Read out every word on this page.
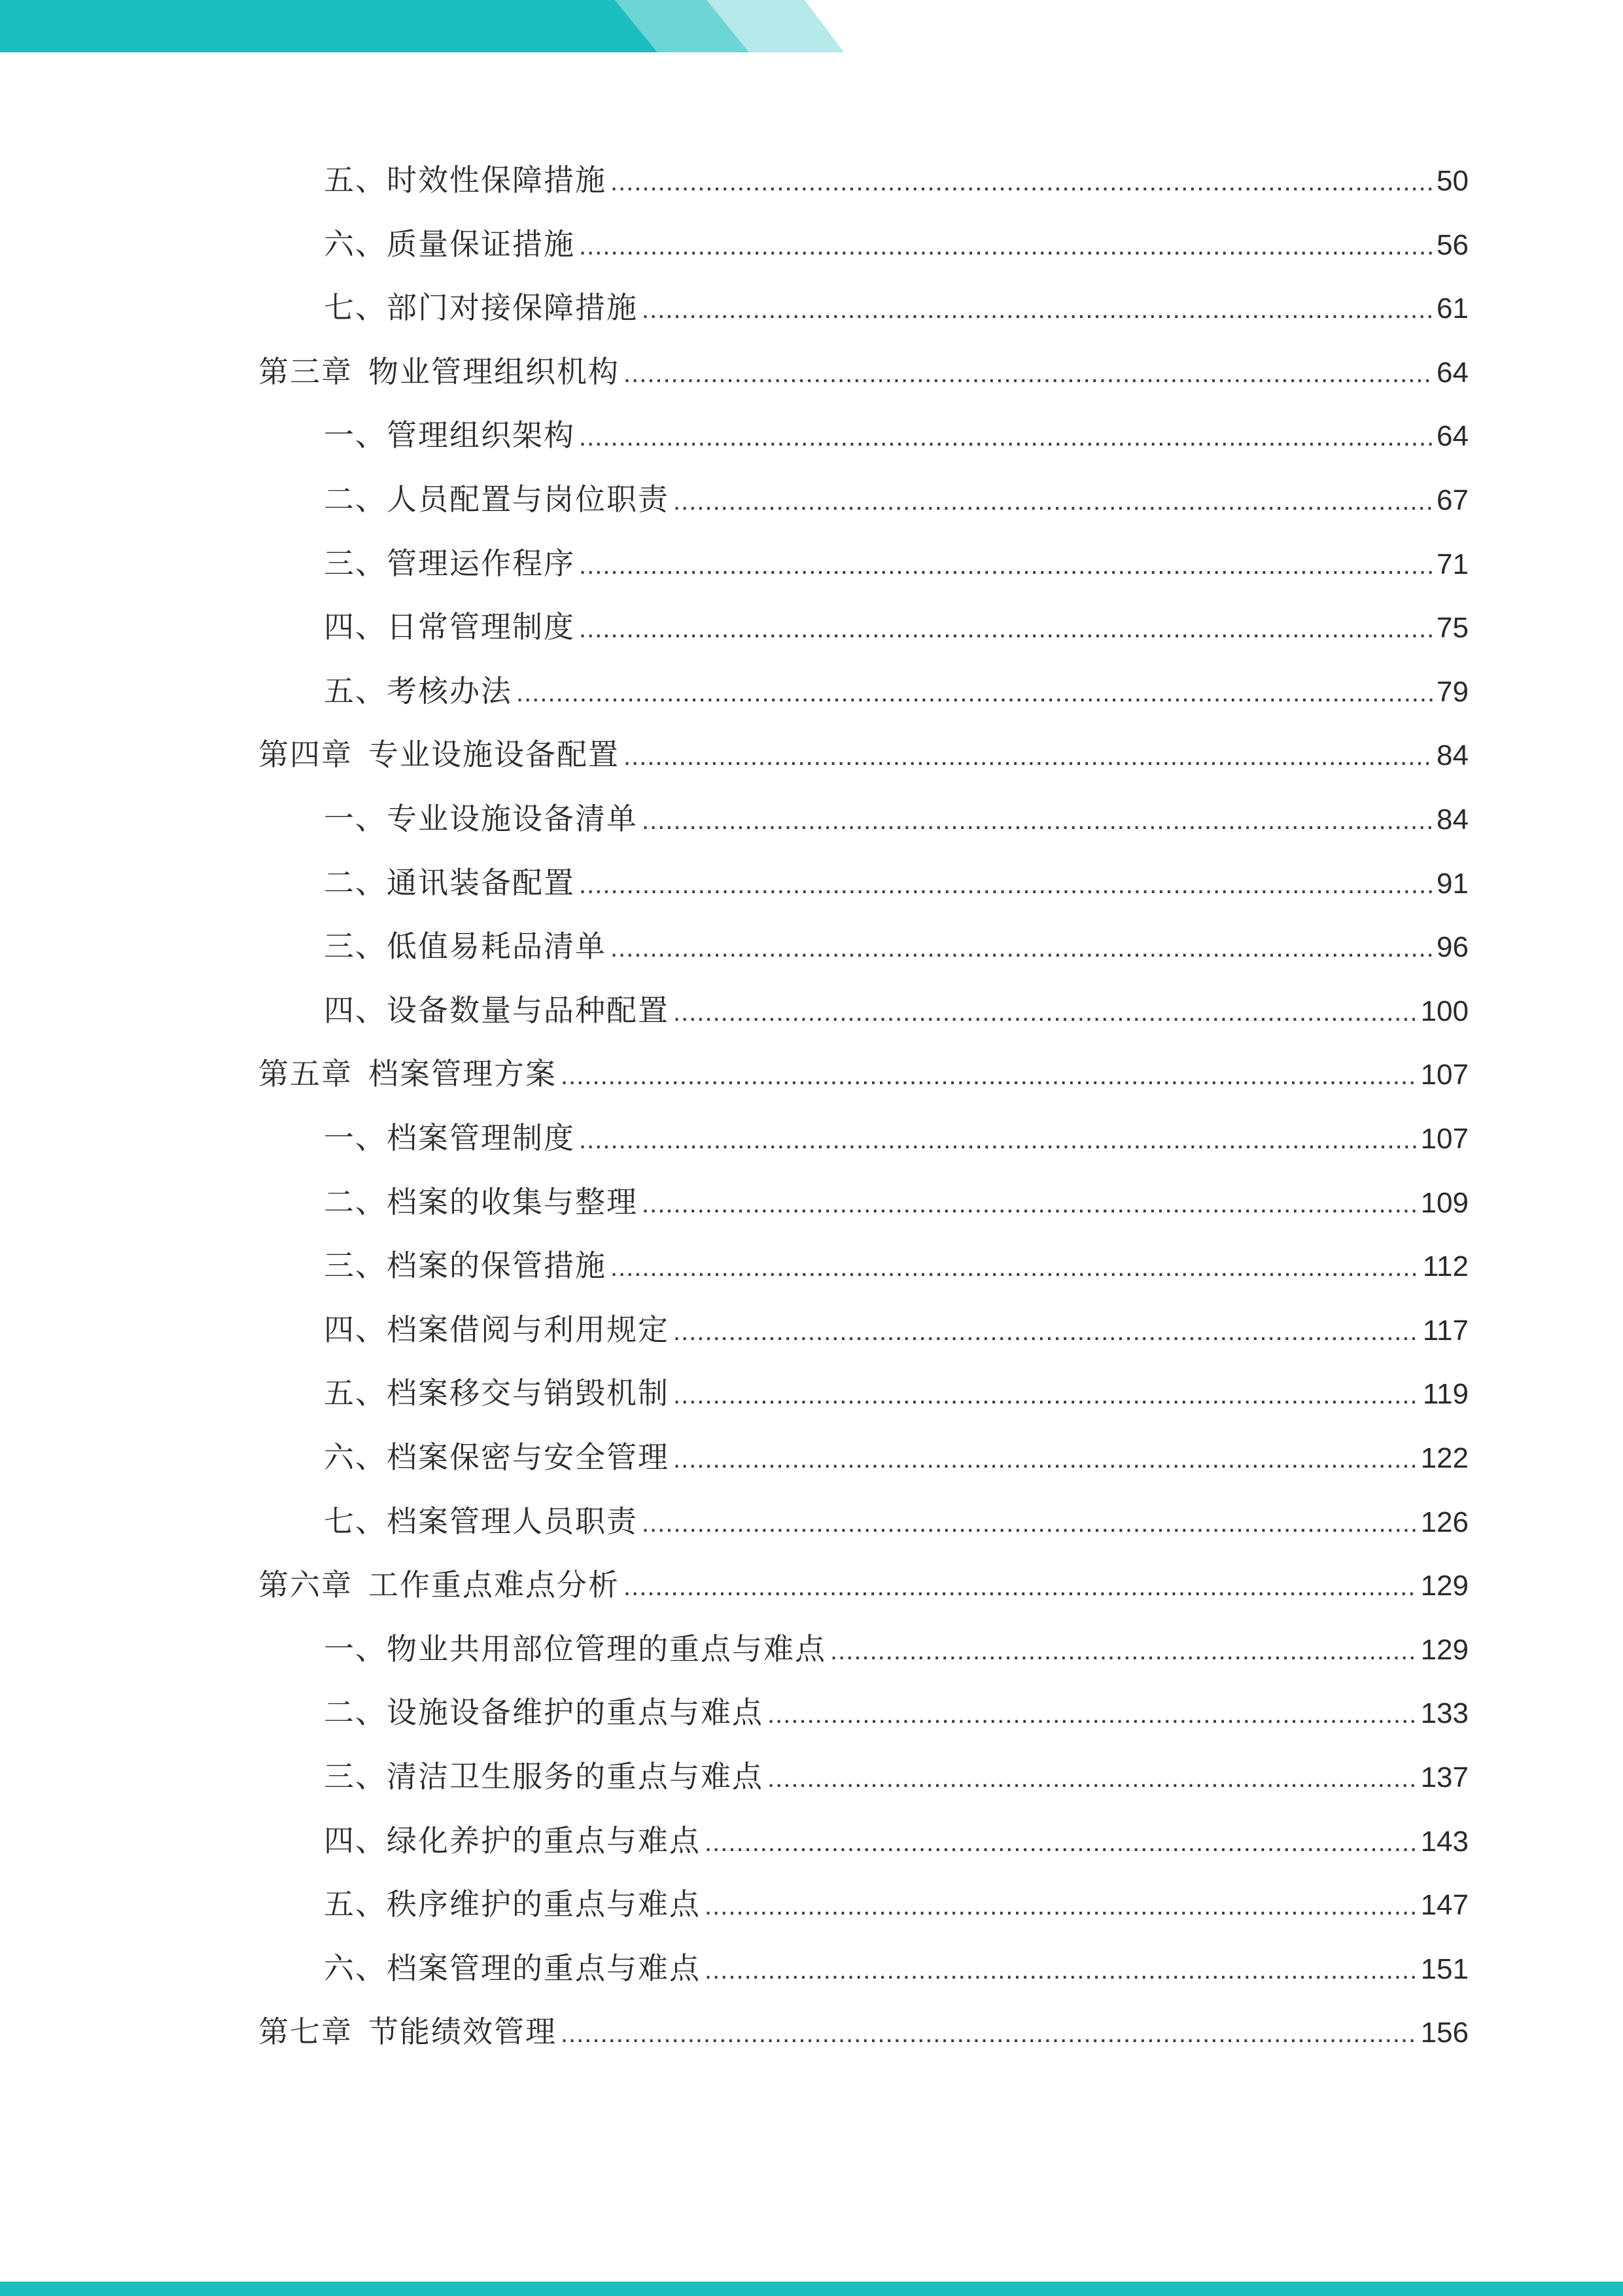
五、时效性保障措施 .....	50
六、质量保证措施 .....	56
七、部门对接保障措施 .....	61
第三章 物业管理组织机构 .....	64
一、管理组织架构 .....	64
二、人员配置与岗位职责 .....	67
三、管理运作程序 .....	71
四、日常管理制度 .....	75
五、考核办法 .....	79
第四章 专业设施设备配置 .....	84
一、专业设施设备清单 .....	84
二、通讯装备配置 .....	91
三、低值易耗品清单 .....	96
四、设备数量与品种配置 .....	100
第五章 档案管理方案 .....	107
一、档案管理制度 .....	107
二、档案的收集与整理 .....	109
三、档案的保管措施 .....	112
四、档案借阅与利用规定 .....	117
五、档案移交与销毁机制 .....	119
六、档案保密与安全管理 .....	122
七、档案管理人员职责 .....	126
第六章 工作重点难点分析 .....	129
一、物业共用部位管理的重点与难点 .....	129
二、设施设备维护的重点与难点 .....	133
三、清洁卫生服务的重点与难点 .....	137
四、绿化养护的重点与难点 .....	143
五、秩序维护的重点与难点 .....	147
六、档案管理的重点与难点 .....	151
第七章 节能绩效管理 .....	156
